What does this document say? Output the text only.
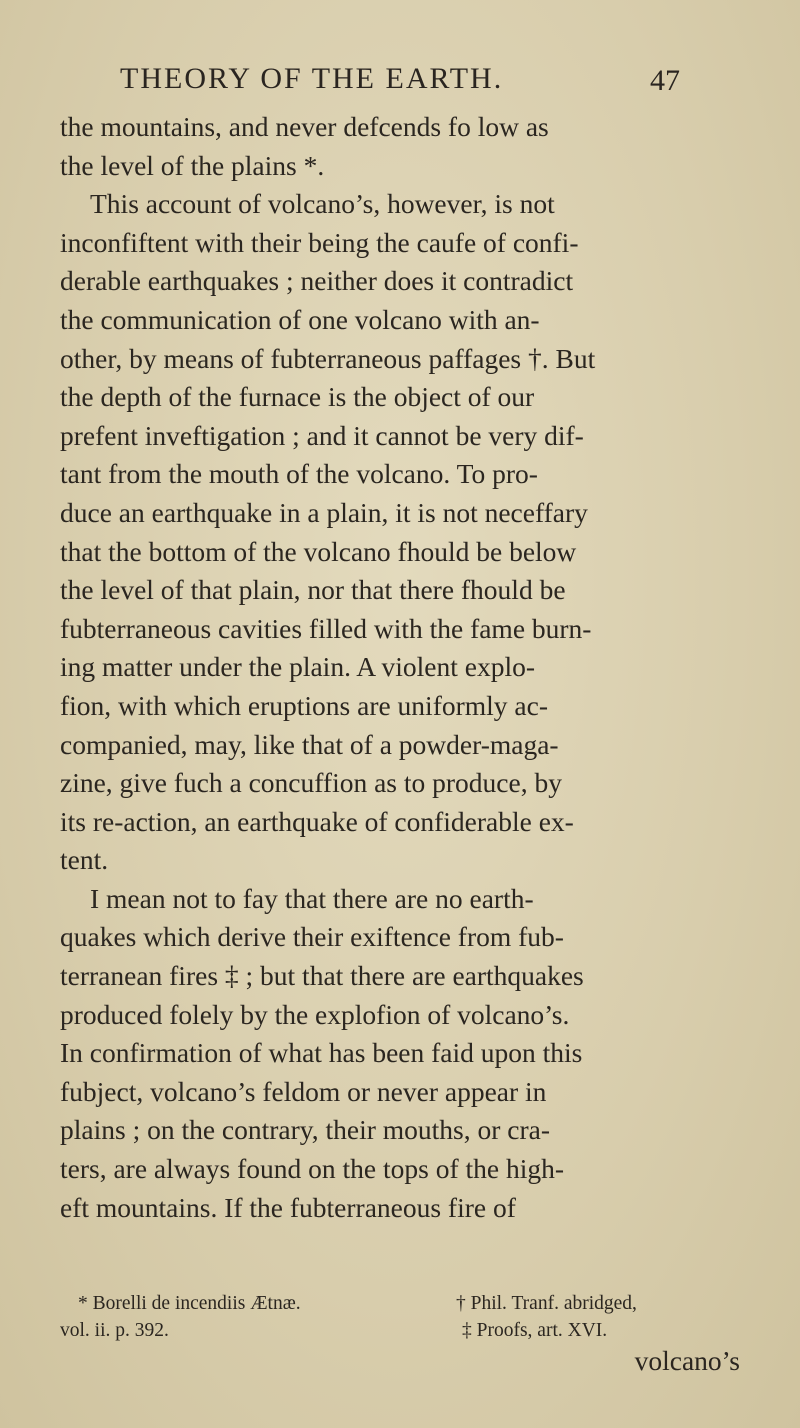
THEORY OF THE EARTH.	47
the mountains, and never defcends fo low as
the level of the plains *.
This account of volcano’s, however, is not
inconfiftent with their being the caufe of confi-
derable earthquakes ; neither does it contradict
the communication of one volcano with an-
other, by means of fubterraneous paffages †. But
the depth of the furnace is the object of our
prefent inveftigation ; and it cannot be very dif-
tant from the mouth of the volcano. To pro-
duce an earthquake in a plain, it is not neceffary
that the bottom of the volcano fhould be below
the level of that plain, nor that there fhould be
fubterraneous cavities filled with the fame burn-
ing matter under the plain. A violent explo-
fion, with which eruptions are uniformly ac-
companied, may, like that of a powder-maga-
zine, give fuch a concuffion as to produce, by
its re-action, an earthquake of confiderable ex-
tent.
I mean not to fay that there are no earth-
quakes which derive their exiftence from fub-
terranean fires ‡ ; but that there are earthquakes
produced folely by the explofion of volcano’s.
In confirmation of what has been faid upon this
fubject, volcano’s feldom or never appear in
plains ; on the contrary, their mouths, or cra-
ters, are always found on the tops of the high-
eft mountains. If the fubterraneous fire of
* Borelli de incendiis Ætnæ.	† Phil. Tranf. abridged,
vol. ii. p. 392.	‡ Proofs, art. XVI.
volcano’s
